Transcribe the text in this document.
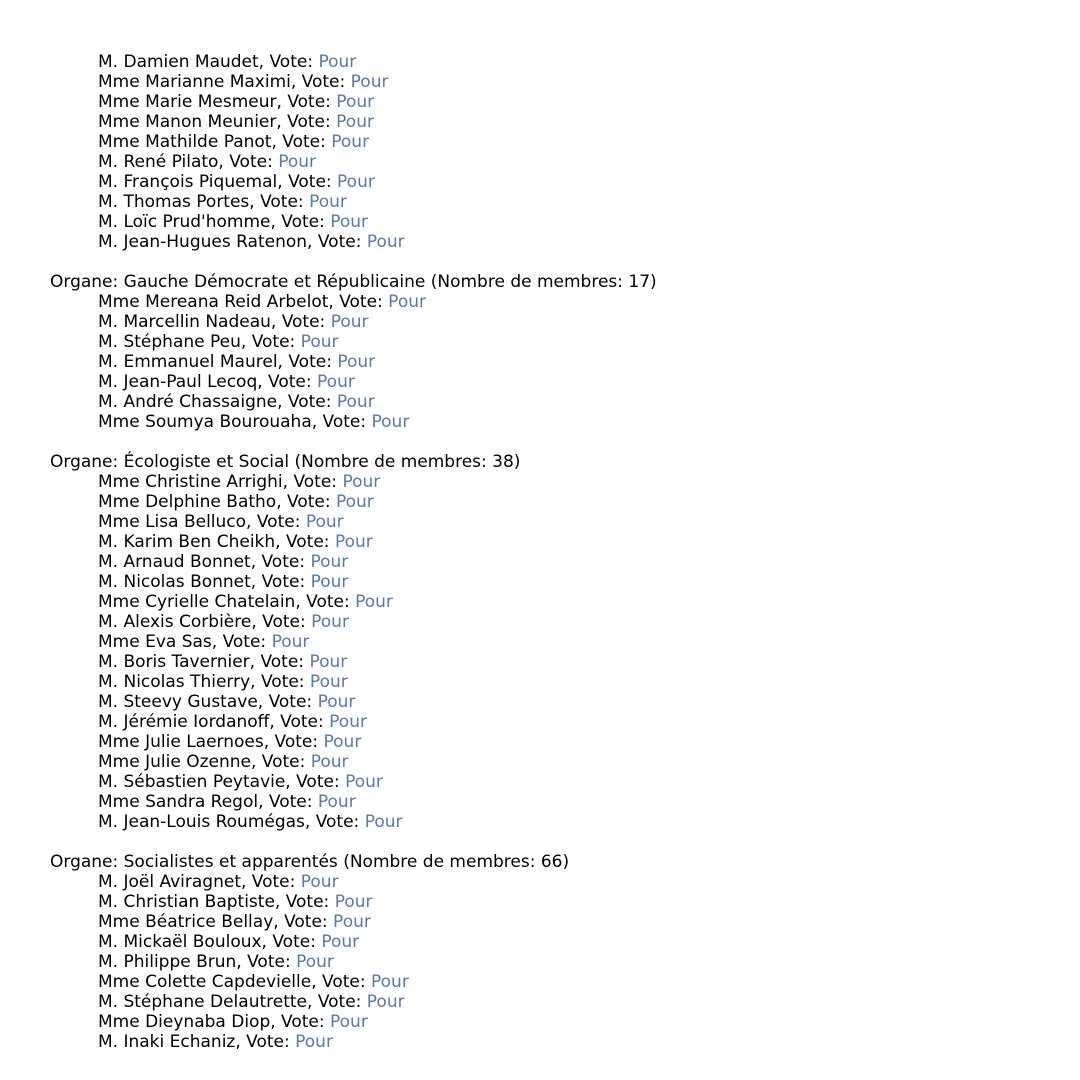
M. Damien Maudet, Vote: Pour
Mme Marianne Maximi, Vote: Pour
Mme Marie Mesmeur, Vote: Pour
Mme Manon Meunier, Vote: Pour
Mme Mathilde Panot, Vote: Pour
M. René Pilato, Vote: Pour
M. François Piquemal, Vote: Pour
M. Thomas Portes, Vote: Pour
M. Loïc Prud'homme, Vote: Pour
M. Jean-Hugues Ratenon, Vote: Pour
Organe: Gauche Démocrate et Républicaine (Nombre de membres: 17)
Mme Mereana Reid Arbelot, Vote: Pour
M. Marcellin Nadeau, Vote: Pour
M. Stéphane Peu, Vote: Pour
M. Emmanuel Maurel, Vote: Pour
M. Jean-Paul Lecoq, Vote: Pour
M. André Chassaigne, Vote: Pour
Mme Soumya Bourouaha, Vote: Pour
Organe: Écologiste et Social (Nombre de membres: 38)
Mme Christine Arrighi, Vote: Pour
Mme Delphine Batho, Vote: Pour
Mme Lisa Belluco, Vote: Pour
M. Karim Ben Cheikh, Vote: Pour
M. Arnaud Bonnet, Vote: Pour
M. Nicolas Bonnet, Vote: Pour
Mme Cyrielle Chatelain, Vote: Pour
M. Alexis Corbière, Vote: Pour
Mme Eva Sas, Vote: Pour
M. Boris Tavernier, Vote: Pour
M. Nicolas Thierry, Vote: Pour
M. Steevy Gustave, Vote: Pour
M. Jérémie Iordanoff, Vote: Pour
Mme Julie Laernoes, Vote: Pour
Mme Julie Ozenne, Vote: Pour
M. Sébastien Peytavie, Vote: Pour
Mme Sandra Regol, Vote: Pour
M. Jean-Louis Roumégas, Vote: Pour
Organe: Socialistes et apparentés (Nombre de membres: 66)
M. Joël Aviragnet, Vote: Pour
M. Christian Baptiste, Vote: Pour
Mme Béatrice Bellay, Vote: Pour
M. Mickaël Bouloux, Vote: Pour
M. Philippe Brun, Vote: Pour
Mme Colette Capdevielle, Vote: Pour
M. Stéphane Delautrette, Vote: Pour
Mme Dieynaba Diop, Vote: Pour
M. Inaki Echaniz, Vote: Pour
